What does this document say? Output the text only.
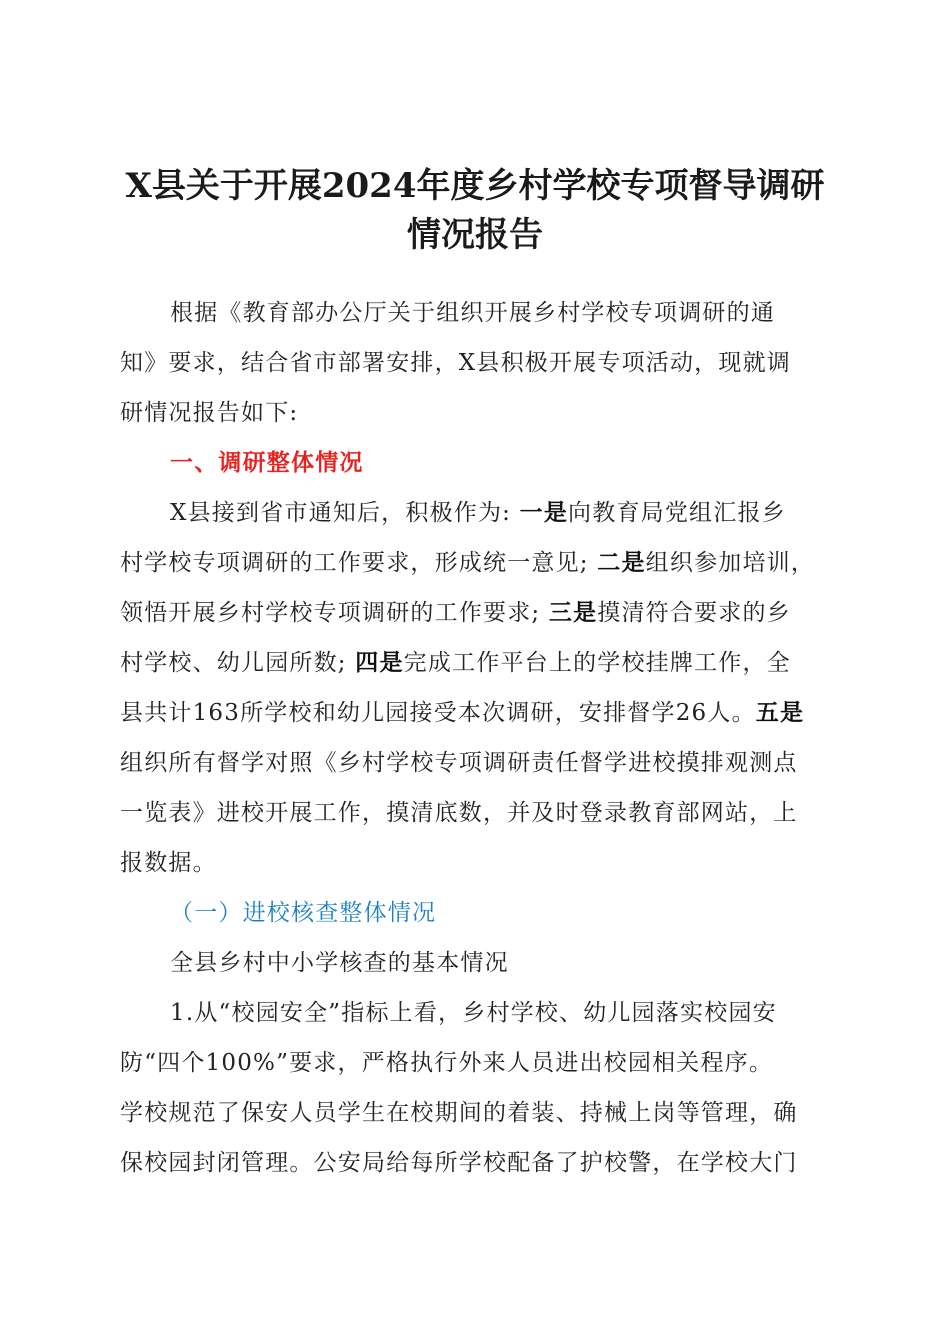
X县关于开展2024年度乡村学校专项督导调研
情况报告
根据《教育部办公厅关于组织开展乡村学校专项调研的通
知》要求，结合省市部署安排，X县积极开展专项活动，现就调
研情况报告如下:
一、调研整体情况
X县接到省市通知后，积极作为: 一是向教育局党组汇报乡
村学校专项调研的工作要求，形成统一意见; 二是组织参加培训，
领悟开展乡村学校专项调研的工作要求; 三是摸清符合要求的乡
村学校、幼儿园所数; 四是完成工作平台上的学校挂牌工作，全
县共计163所学校和幼儿园接受本次调研，安排督学26人。五是
组织所有督学对照《乡村学校专项调研责任督学进校摸排观测点
一览表》进校开展工作，摸清底数，并及时登录教育部网站，上
报数据。
（一）进校核查整体情况
全县乡村中小学核查的基本情况
1.从“校园安全”指标上看，乡村学校、幼儿园落实校园安
防“四个100%”要求，严格执行外来人员进出校园相关程序。
学校规范了保安人员学生在校期间的着装、持械上岗等管理，确
保校园封闭管理。公安局给每所学校配备了护校警，在学校大门
